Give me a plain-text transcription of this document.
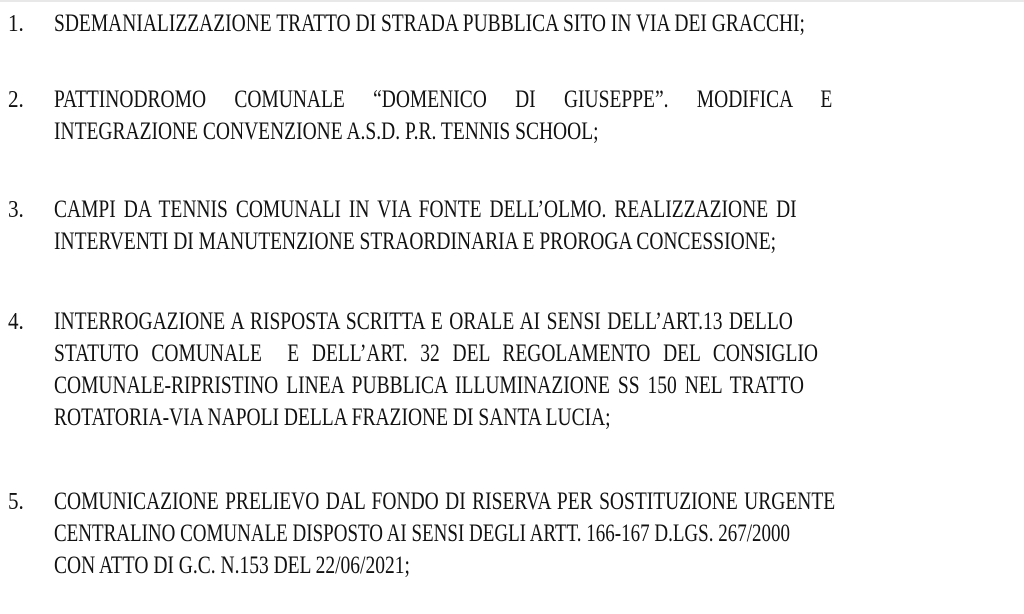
1.	SDEMANIALIZZAZIONE TRATTO DI STRADA PUBBLICA SITO IN VIA DEI GRACCHI;
2.	PATTINODROMO COMUNALE “DOMENICO DI GIUSEPPE”. MODIFICA E
INTEGRAZIONE CONVENZIONE A.S.D. P.R. TENNIS SCHOOL;
3.	CAMPI DA TENNIS COMUNALI IN VIA FONTE DELL’OLMO. REALIZZAZIONE DI
INTERVENTI DI MANUTENZIONE STRAORDINARIA E PROROGA CONCESSIONE;
4.	INTERROGAZIONE A RISPOSTA SCRITTA E ORALE AI SENSI DELL’ART.13 DELLO
STATUTO COMUNALE  E DELL’ART. 32 DEL REGOLAMENTO DEL CONSIGLIO
COMUNALE-RIPRISTINO LINEA PUBBLICA ILLUMINAZIONE SS 150 NEL TRATTO
ROTATORIA-VIA NAPOLI DELLA FRAZIONE DI SANTA LUCIA;
5.	COMUNICAZIONE PRELIEVO DAL FONDO DI RISERVA PER SOSTITUZIONE URGENTE
CENTRALINO COMUNALE DISPOSTO AI SENSI DEGLI ARTT. 166-167 D.LGS. 267/2000
CON ATTO DI G.C. N.153 DEL 22/06/2021;
